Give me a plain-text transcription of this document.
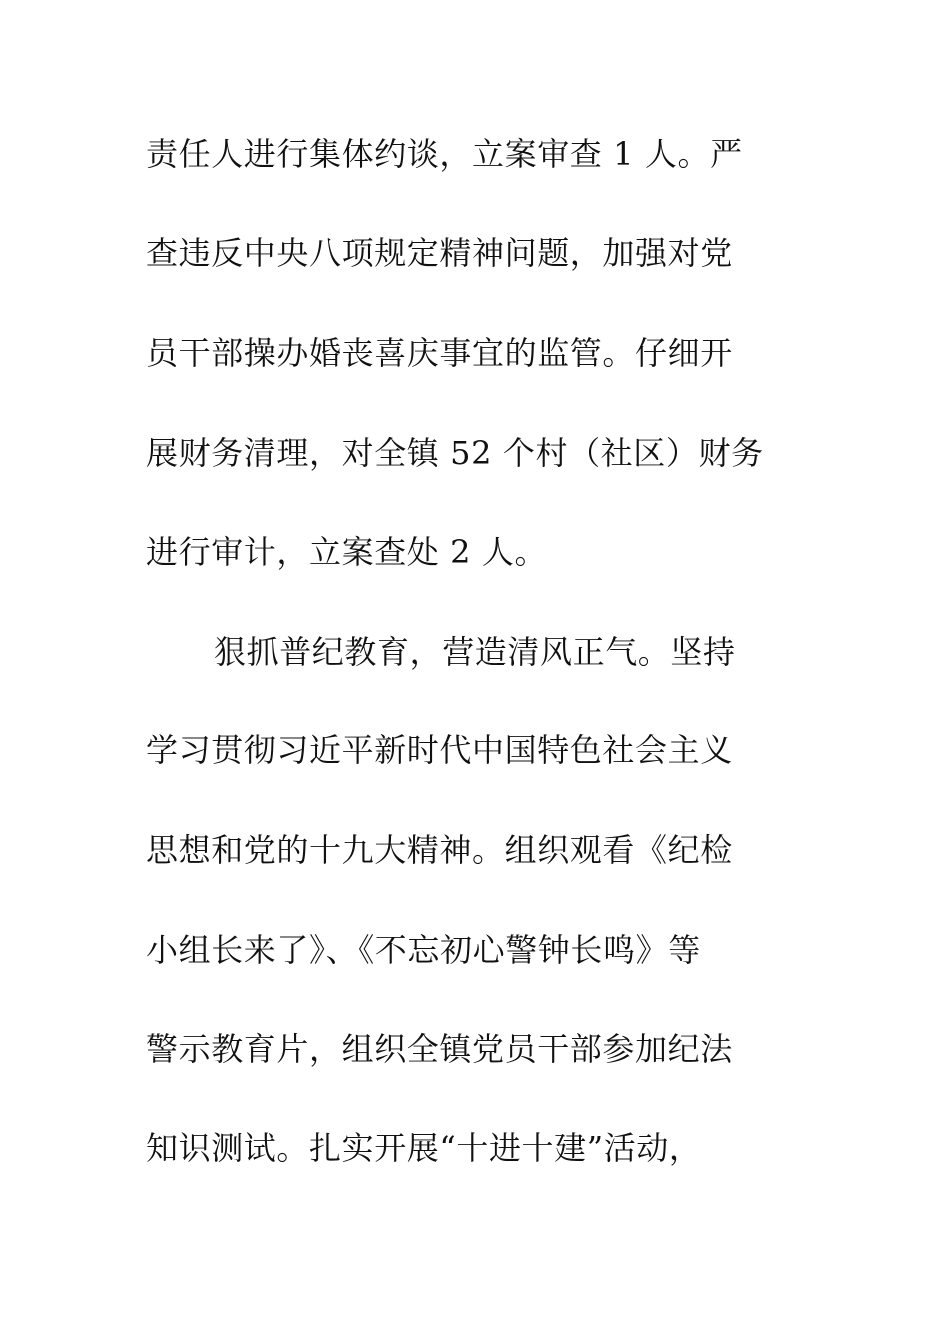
责任人进行集体约谈，立案审查 1 人。严
查违反中央八项规定精神问题，加强对党
员干部操办婚丧喜庆事宜的监管。仔细开
展财务清理，对全镇 52 个村（社区）财务
进行审计，立案查处 2 人。
狠抓普纪教育，营造清风正气。坚持
学习贯彻习近平新时代中国特色社会主义
思想和党的十九大精神。组织观看《纪检
小组长来了》、《不忘初心警钟长鸣》等
警示教育片，组织全镇党员干部参加纪法
知识测试。扎实开展“十进十建”活动，
